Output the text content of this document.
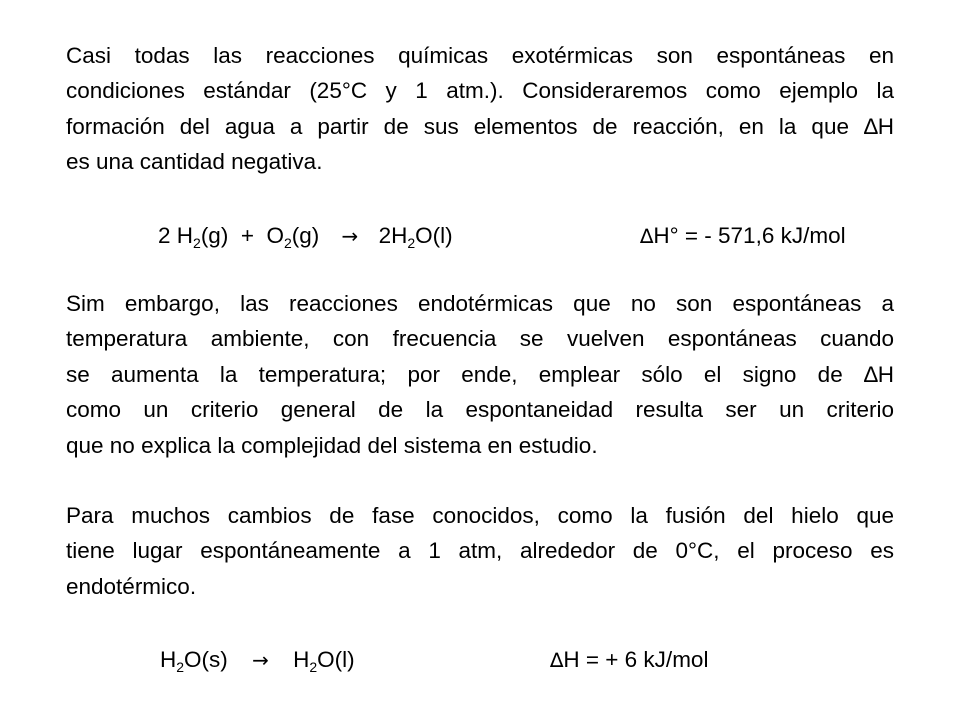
Casi todas las reacciones químicas exotérmicas son espontáneas en
condiciones estándar (25°C y 1 atm.). Consideraremos como ejemplo la
formación del agua a partir de sus elementos de reacción, en la que ∆H
es una cantidad negativa.

Sim embargo, las reacciones endotérmicas que no son espontáneas a
temperatura ambiente, con frecuencia se vuelven espontáneas cuando
se aumenta la temperatura; por ende, emplear sólo el signo de ∆H
como un criterio general de la espontaneidad resulta ser un criterio
que no explica la complejidad del sistema en estudio.

Para muchos cambios de fase conocidos, como la fusión del hielo que
tiene lugar espontáneamente a 1 atm, alrededor de 0°C, el proceso es
endotérmico.

2 $H_2(g) + O_2(g) \to 2H_2O(l)$	∆H° = - 571,6 kJ/mol
$H_2O(s) \to H_2O(l)$	∆H = + 6 kJ/mol
